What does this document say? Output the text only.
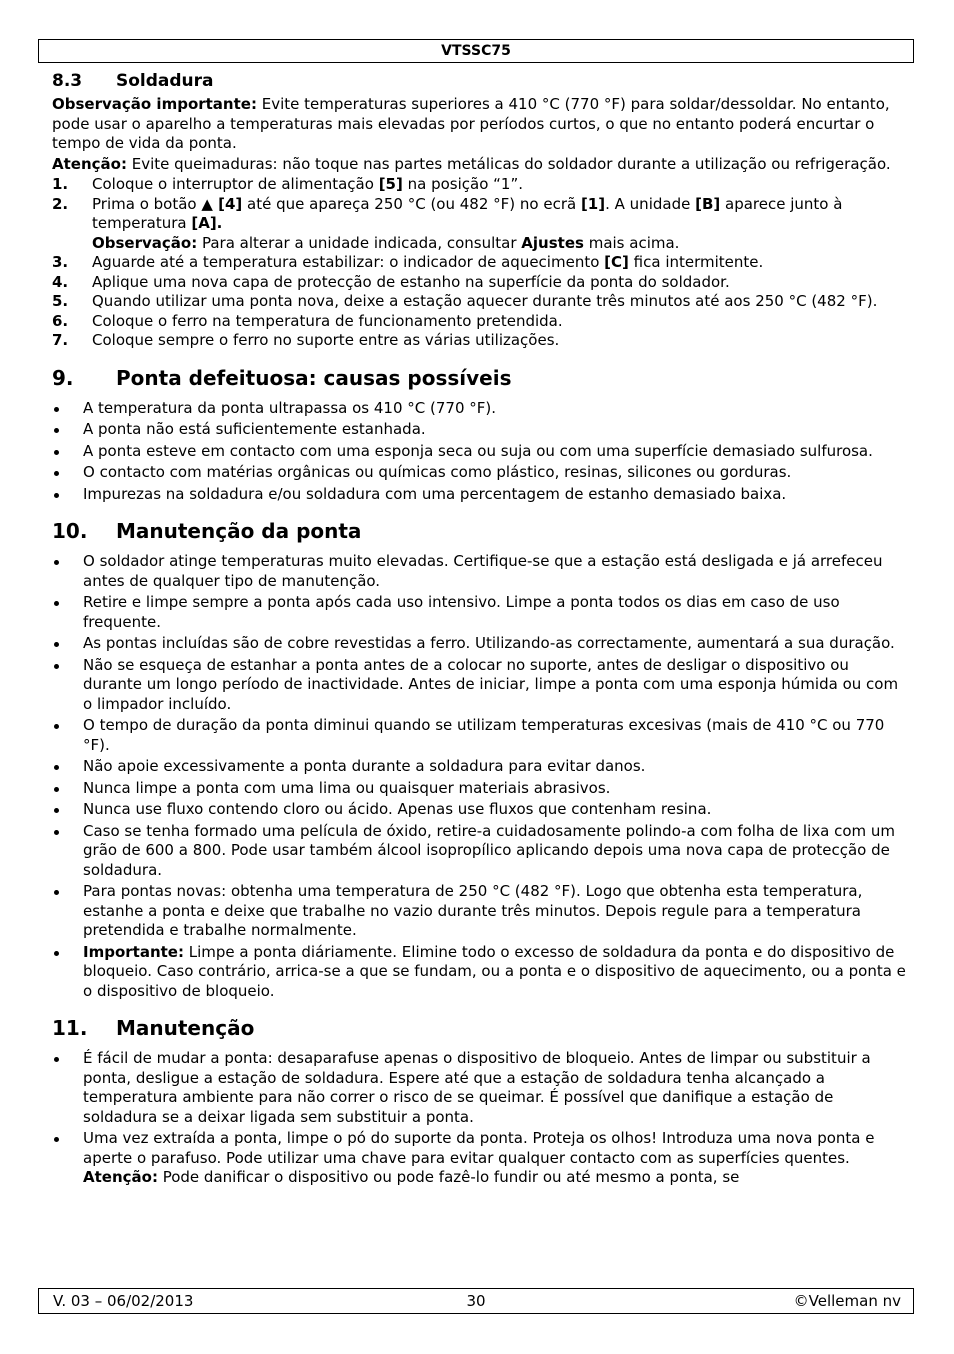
VTSSC75
8.3 Soldadura

Observação importante: Evite temperaturas superiores a 410 °C (770 °F) para soldar/dessoldar. No entanto, pode usar o aparelho a temperaturas mais elevadas por períodos curtos, o que no entanto poderá encurtar o tempo de vida da ponta.

Atenção: Evite queimaduras: não toque nas partes metálicas do soldador durante a utilização ou refrigeração.

1. Coloque o interruptor de alimentação [5] na posição “1”.
2. Prima o botão ▲ [4] até que apareça 250 °C (ou 482 °F) no ecrã [1]. A unidade [B] aparece junto à temperatura [A].
Observação: Para alterar a unidade indicada, consultar Ajustes mais acima.
3. Aguarde até a temperatura estabilizar: o indicador de aquecimento [C] fica intermitente.
4. Aplique uma nova capa de protecção de estanho na superfície da ponta do soldador.
5. Quando utilizar uma ponta nova, deixe a estação aquecer durante três minutos até aos 250 °C (482 °F).
6. Coloque o ferro na temperatura de funcionamento pretendida.
7. Coloque sempre o ferro no suporte entre as várias utilizações.
9. Ponta defeituosa: causas possíveis
A temperatura da ponta ultrapassa os 410 °C (770 °F).
A ponta não está suficientemente estanhada.
A ponta esteve em contacto com uma esponja seca ou suja ou com uma superfície demasiado sulfurosa.
O contacto com matérias orgânicas ou químicas como plástico, resinas, silicones ou gorduras.
Impurezas na soldadura e/ou soldadura com uma percentagem de estanho demasiado baixa.
10. Manutenção da ponta
O soldador atinge temperaturas muito elevadas. Certifique-se que a estação está desligada e já arrefeceu antes de qualquer tipo de manutenção.
Retire e limpe sempre a ponta após cada uso intensivo. Limpe a ponta todos os dias em caso de uso frequente.
As pontas incluídas são de cobre revestidas a ferro. Utilizando-as correctamente, aumentará a sua duração.
Não se esqueça de estanhar a ponta antes de a colocar no suporte, antes de desligar o dispositivo ou durante um longo período de inactividade. Antes de iniciar, limpe a ponta com uma esponja húmida ou com o limpador incluído.
O tempo de duração da ponta diminui quando se utilizam temperaturas excesivas (mais de 410 °C ou 770 °F).
Não apoie excessivamente a ponta durante a soldadura para evitar danos.
Nunca limpe a ponta com uma lima ou quaisquer materiais abrasivos.
Nunca use fluxo contendo cloro ou ácido. Apenas use fluxos que contenham resina.
Caso se tenha formado uma película de óxido, retire-a cuidadosamente polindo-a com folha de lixa com um grão de 600 a 800. Pode usar também álcool isopropílico aplicando depois uma nova capa de protecção de soldadura.
Para pontas novas: obtenha uma temperatura de 250 °C (482 °F). Logo que obtenha esta temperatura, estanhe a ponta e deixe que trabalhe no vazio durante três minutos. Depois regule para a temperatura pretendida e trabalhe normalmente.
Importante: Limpe a ponta diáriamente. Elimine todo o excesso de soldadura da ponta e do dispositivo de bloqueio. Caso contrário, arrica-se a que se fundam, ou a ponta e o dispositivo de aquecimento, ou a ponta e o dispositivo de bloqueio.
11. Manutenção
É fácil de mudar a ponta: desaparafuse apenas o dispositivo de bloqueio. Antes de limpar ou substituir a ponta, desligue a estação de soldadura. Espere até que a estação de soldadura tenha alcançado a temperatura ambiente para não correr o risco de se queimar. É possível que danifique a estação de soldadura se a deixar ligada sem substituir a ponta.
Uma vez extraída a ponta, limpe o pó do suporte da ponta. Proteja os olhos! Introduza uma nova ponta e aperte o parafuso. Pode utilizar uma chave para evitar qualquer contacto com as superfícies quentes. Atenção: Pode danificar o dispositivo ou pode fazê-lo fundir ou até mesmo a ponta, se
V. 03 – 06/02/2013	30	©Velleman nv
